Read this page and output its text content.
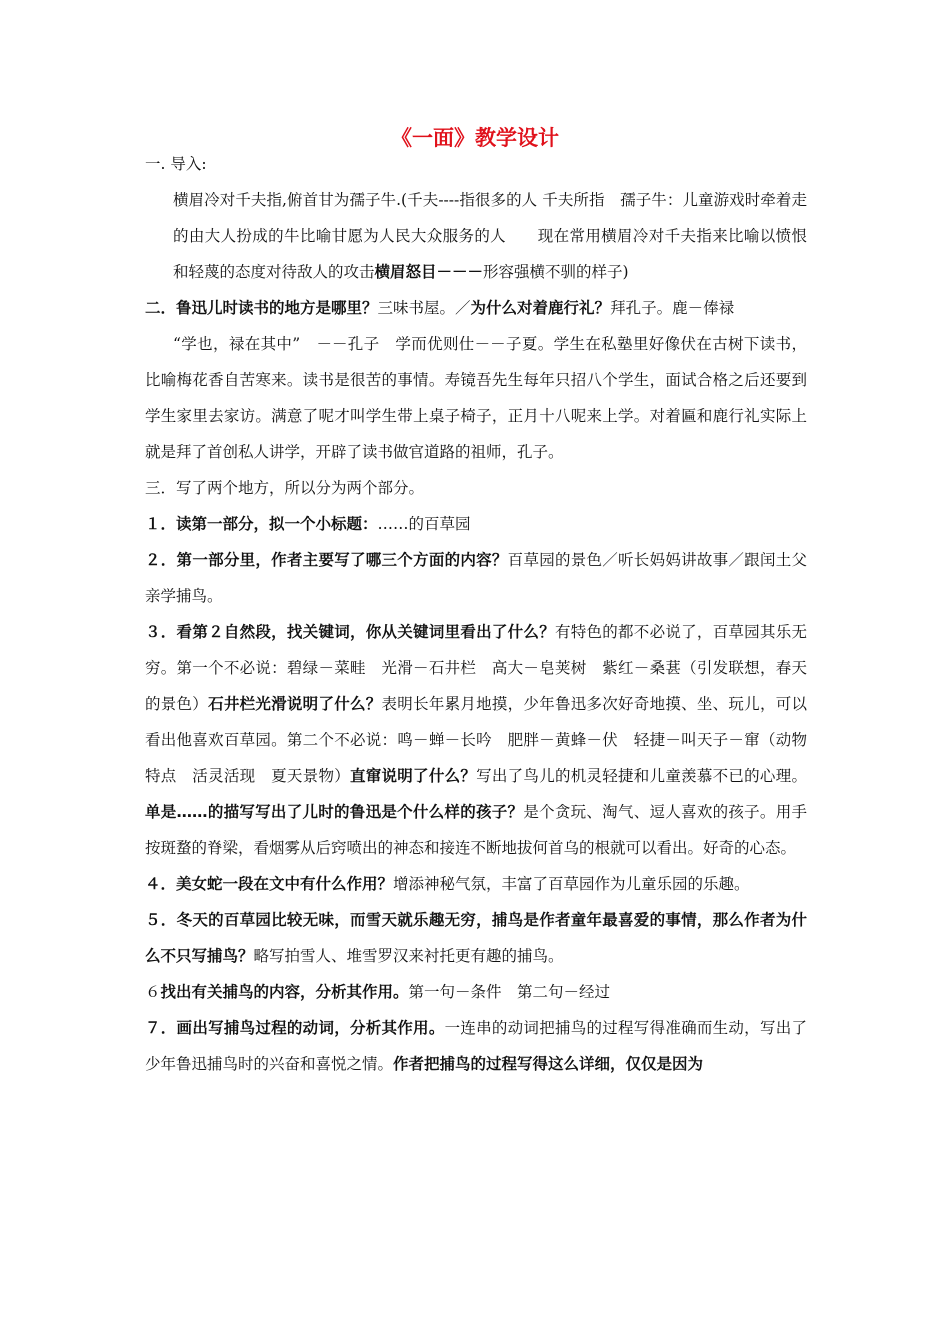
《一面》教学设计

一. 导入:

横眉冷对千夫指,俯首甘为孺子牛.(千夫----指很多的人 千夫所指　孺子牛：儿童游戏时牵着走的由大人扮成的牛比喻甘愿为人民大众服务的人　　现在常用横眉冷对千夫指来比喻以愤恨和轻蔑的态度对待敌人的攻击横眉怒目－－－形容强横不驯的样子)

二．鲁迅儿时读书的地方是哪里？三味书屋。／为什么对着鹿行礼？拜孔子。鹿－俸禄

“学也，禄在其中”　－－孔子　学而优则仕－－子夏。学生在私塾里好像伏在古树下读书，比喻梅花香自苦寒来。读书是很苦的事情。寿镜吾先生每年只招八个学生，面试合格之后还要到学生家里去家访。满意了呢才叫学生带上桌子椅子，正月十八呢来上学。对着匾和鹿行礼实际上就是拜了首创私人讲学，开辟了读书做官道路的祖师，孔子。

三．写了两个地方，所以分为两个部分。

１．读第一部分，拟一个小标题：……的百草园

２．第一部分里，作者主要写了哪三个方面的内容？百草园的景色／听长妈妈讲故事／跟闰土父亲学捕鸟。

３．看第２自然段，找关键词，你从关键词里看出了什么？有特色的都不必说了，百草园其乐无穷。第一个不必说：碧绿－菜畦　光滑－石井栏　高大－皂荚树　紫红－桑葚（引发联想，春天的景色）石井栏光滑说明了什么？表明长年累月地摸，少年鲁迅多次好奇地摸、坐、玩儿，可以看出他喜欢百草园。第二个不必说：鸣－蝉－长吟　肥胖－黄蜂－伏　轻捷－叫天子－窜（动物特点　活灵活现　夏天景物）直窜说明了什么？写出了鸟儿的机灵轻捷和儿童羡慕不已的心理。单是……的描写写出了儿时的鲁迅是个什么样的孩子？是个贪玩、淘气、逗人喜欢的孩子。用手按斑蝥的脊梁，看烟雾从后窍喷出的神态和接连不断地拔何首乌的根就可以看出。好奇的心态。

４．美女蛇一段在文中有什么作用？增添神秘气氛，丰富了百草园作为儿童乐园的乐趣。

５．冬天的百草园比较无味，而雪天就乐趣无穷，捕鸟是作者童年最喜爱的事情，那么作者为什么不只写捕鸟？略写拍雪人、堆雪罗汉来衬托更有趣的捕鸟。

６找出有关捕鸟的内容，分析其作用。第一句－条件　第二句－经过

７．画出写捕鸟过程的动词，分析其作用。一连串的动词把捕鸟的过程写得准确而生动，写出了少年鲁迅捕鸟时的兴奋和喜悦之情。作者把捕鸟的过程写得这么详细，仅仅是因为
